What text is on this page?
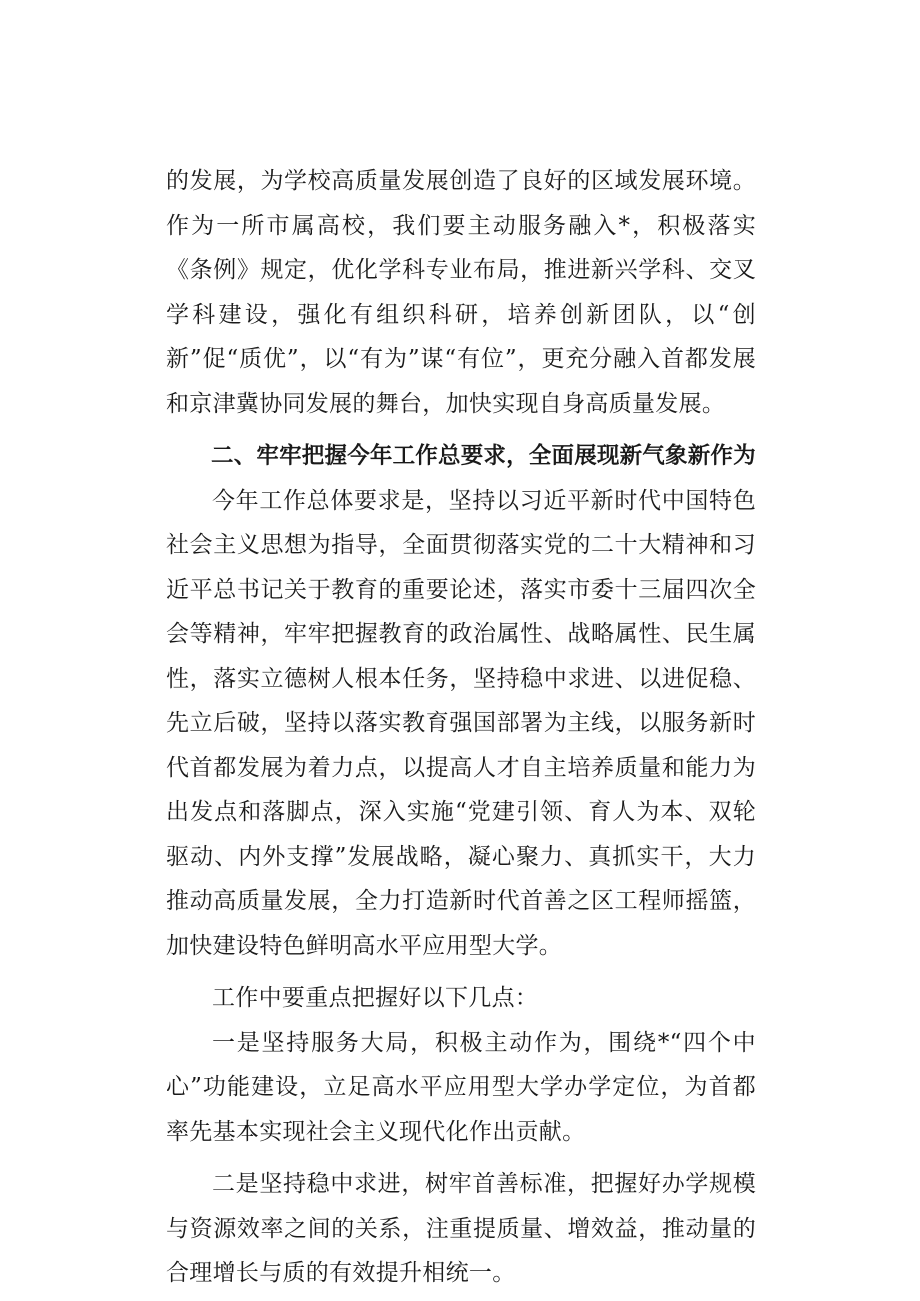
的发展，为学校高质量发展创造了良好的区域发展环境。作为一所市属高校，我们要主动服务融入*，积极落实《条例》规定，优化学科专业布局，推进新兴学科、交叉学科建设，强化有组织科研，培养创新团队，以“创新”促“质优”，以“有为”谋“有位”，更充分融入首都发展和京津冀协同发展的舞台，加快实现自身高质量发展。

二、牢牢把握今年工作总要求，全面展现新气象新作为

今年工作总体要求是，坚持以习近平新时代中国特色社会主义思想为指导，全面贯彻落实党的二十大精神和习近平总书记关于教育的重要论述，落实市委十三届四次全会等精神，牢牢把握教育的政治属性、战略属性、民生属性，落实立德树人根本任务，坚持稳中求进、以进促稳、先立后破，坚持以落实教育强国部署为主线，以服务新时代首都发展为着力点，以提高人才自主培养质量和能力为出发点和落脚点，深入实施“党建引领、育人为本、双轮驱动、内外支撑”发展战略，凝心聚力、真抓实干，大力推动高质量发展，全力打造新时代首善之区工程师摇篮，加快建设特色鲜明高水平应用型大学。

工作中要重点把握好以下几点：

一是坚持服务大局，积极主动作为，围绕*“四个中心”功能建设，立足高水平应用型大学办学定位，为首都率先基本实现社会主义现代化作出贡献。

二是坚持稳中求进，树牢首善标准，把握好办学规模与资源效率之间的关系，注重提质量、增效益，推动量的合理增长与质的有效提升相统一。
